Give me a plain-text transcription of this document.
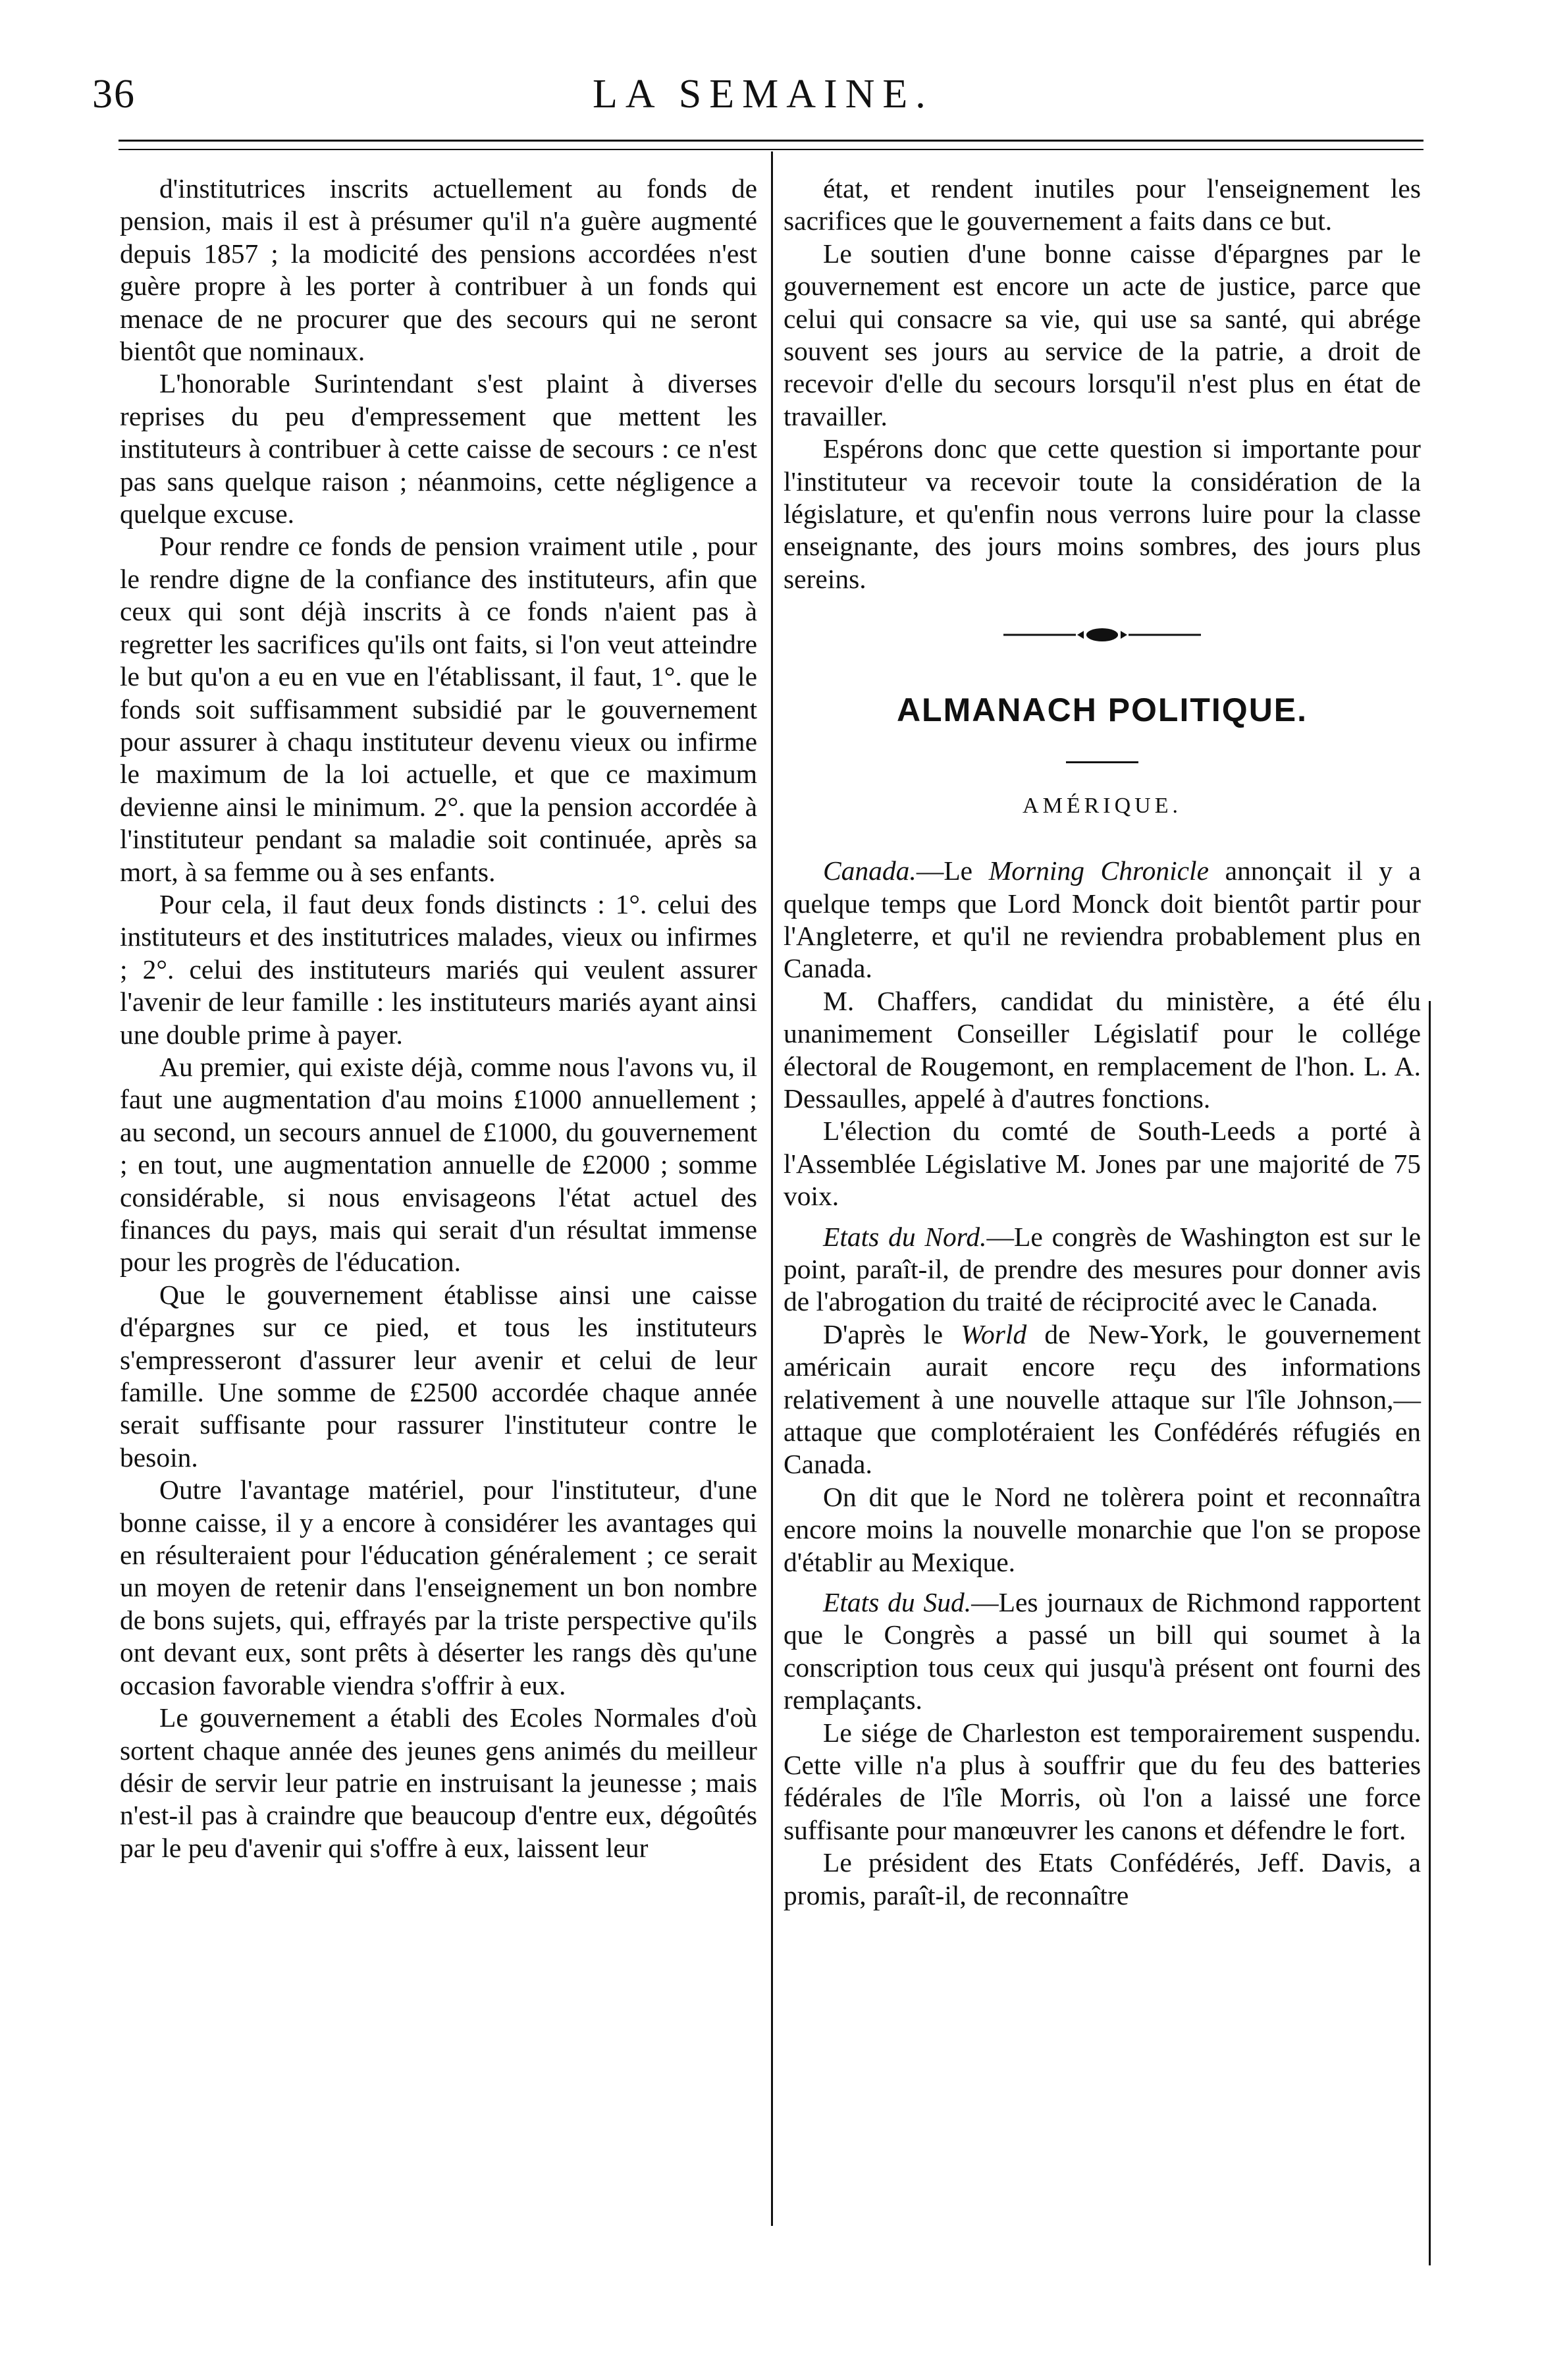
36	LA SEMAINE.

d'institutrices inscrits actuellement au fonds de pension, mais il est à présumer qu'il n'a guère augmenté depuis 1857 ; la modicité des pensions accordées n'est guère propre à les porter à contribuer à un fonds qui menace de ne procurer que des secours qui ne seront bientôt que nominaux.

L'honorable Surintendant s'est plaint à diverses reprises du peu d'empressement que mettent les instituteurs à contribuer à cette caisse de secours : ce n'est pas sans quelque raison ; néanmoins, cette négligence a quelque excuse.

Pour rendre ce fonds de pension vraiment utile , pour le rendre digne de la confiance des instituteurs, afin que ceux qui sont déjà inscrits à ce fonds n'aient pas à regretter les sacrifices qu'ils ont faits, si l'on veut atteindre le but qu'on a eu en vue en l'établissant, il faut, 1°. que le fonds soit suffisamment subsidié par le gouvernement pour assurer à chaqu instituteur devenu vieux ou infirme le maximum de la loi actuelle, et que ce maximum devienne ainsi le minimum. 2°. que la pension accordée à l'instituteur pendant sa maladie soit continuée, après sa mort, à sa femme ou à ses enfants.

Pour cela, il faut deux fonds distincts : 1°. celui des instituteurs et des institutrices malades, vieux ou infirmes ; 2°. celui des instituteurs mariés qui veulent assurer l'avenir de leur famille : les instituteurs mariés ayant ainsi une double prime à payer.

Au premier, qui existe déjà, comme nous l'avons vu, il faut une augmentation d'au moins £1000 annuellement ; au second, un secours annuel de £1000, du gouvernement ; en tout, une augmentation annuelle de £2000 ; somme considérable, si nous envisageons l'état actuel des finances du pays, mais qui serait d'un résultat immense pour les progrès de l'éducation.

Que le gouvernement établisse ainsi une caisse d'épargnes sur ce pied, et tous les instituteurs s'empresseront d'assurer leur avenir et celui de leur famille. Une somme de £2500 accordée chaque année serait suffisante pour rassurer l'instituteur contre le besoin.

Outre l'avantage matériel, pour l'instituteur, d'une bonne caisse, il y a encore à considérer les avantages qui en résulteraient pour l'éducation généralement ; ce serait un moyen de retenir dans l'enseignement un bon nombre de bons sujets, qui, effrayés par la triste perspective qu'ils ont devant eux, sont prêts à déserter les rangs dès qu'une occasion favorable viendra s'offrir à eux.

Le gouvernement a établi des Ecoles Normales d'où sortent chaque année des jeunes gens animés du meilleur désir de servir leur patrie en instruisant la jeunesse ; mais n'est-il pas à craindre que beaucoup d'entre eux, dégoûtés par le peu d'avenir qui s'offre à eux, laissent leur

état, et rendent inutiles pour l'enseignement les sacrifices que le gouvernement a faits dans ce but.

Le soutien d'une bonne caisse d'épargnes par le gouvernement est encore un acte de justice, parce que celui qui consacre sa vie, qui use sa santé, qui abrége souvent ses jours au service de la patrie, a droit de recevoir d'elle du secours lorsqu'il n'est plus en état de travailler.

Espérons donc que cette question si importante pour l'instituteur va recevoir toute la considération de la législature, et qu'enfin nous verrons luire pour la classe enseignante, des jours moins sombres, des jours plus sereins.

ALMANACH POLITIQUE.
AMÉRIQUE.

Canada.—Le Morning Chronicle annonçait il y a quelque temps que Lord Monck doit bientôt partir pour l'Angleterre, et qu'il ne reviendra probablement plus en Canada.

M. Chaffers, candidat du ministère, a été élu unanimement Conseiller Législatif pour le collége électoral de Rougemont, en remplacement de l'hon. L. A. Dessaulles, appelé à d'autres fonctions.

L'élection du comté de South-Leeds a porté à l'Assemblée Législative M. Jones par une majorité de 75 voix.

Etats du Nord.—Le congrès de Washington est sur le point, paraît-il, de prendre des mesures pour donner avis de l'abrogation du traité de réciprocité avec le Canada.

D'après le World de New-York, le gouvernement américain aurait encore reçu des informations relativement à une nouvelle attaque sur l'île Johnson,—attaque que complotéraient les Confédérés réfugiés en Canada.

On dit que le Nord ne tolèrera point et reconnaîtra encore moins la nouvelle monarchie que l'on se propose d'établir au Mexique.

Etats du Sud.—Les journaux de Richmond rapportent que le Congrès a passé un bill qui soumet à la conscription tous ceux qui jusqu'à présent ont fourni des remplaçants.

Le siége de Charleston est temporairement suspendu. Cette ville n'a plus à souffrir que du feu des batteries fédérales de l'île Morris, où l'on a laissé une force suffisante pour manœuvrer les canons et défendre le fort.

Le président des Etats Confédérés, Jeff. Davis, a promis, paraît-il, de reconnaître
